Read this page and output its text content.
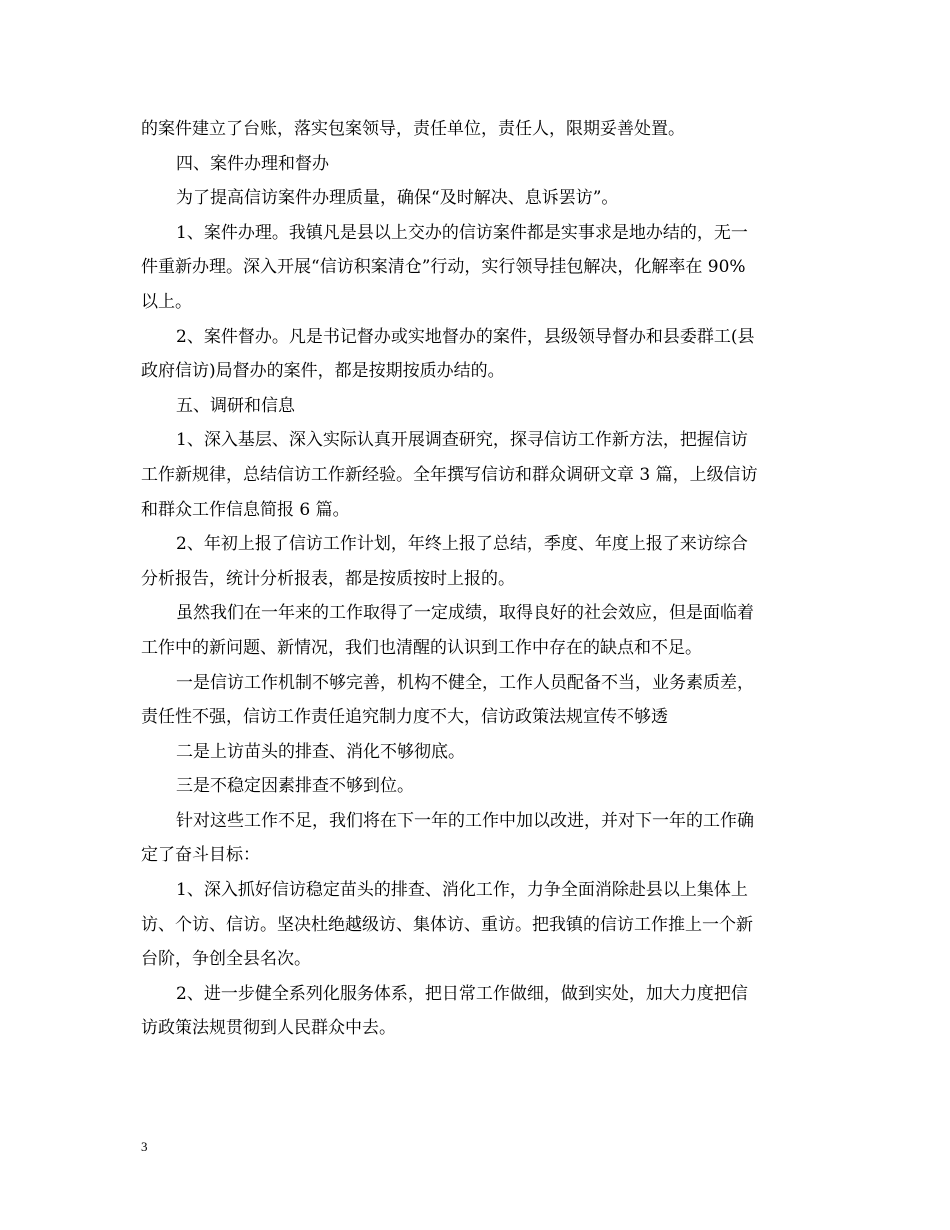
的案件建立了台账，落实包案领导，责任单位，责任人，限期妥善处置。
四、案件办理和督办
为了提高信访案件办理质量，确保“及时解决、息诉罢访”。
1、案件办理。我镇凡是县以上交办的信访案件都是实事求是地办结的，无一
件重新办理。深入开展“信访积案清仓”行动，实行领导挂包解决，化解率在 90%
以上。
2、案件督办。凡是书记督办或实地督办的案件，县级领导督办和县委群工(县
政府信访)局督办的案件，都是按期按质办结的。
五、调研和信息
1、深入基层、深入实际认真开展调查研究，探寻信访工作新方法，把握信访
工作新规律，总结信访工作新经验。全年撰写信访和群众调研文章 3 篇，上级信访
和群众工作信息简报 6 篇。
2、年初上报了信访工作计划，年终上报了总结，季度、年度上报了来访综合
分析报告，统计分析报表，都是按质按时上报的。
虽然我们在一年来的工作取得了一定成绩，取得良好的社会效应，但是面临着
工作中的新问题、新情况，我们也清醒的认识到工作中存在的缺点和不足。
一是信访工作机制不够完善，机构不健全，工作人员配备不当，业务素质差，
责任性不强，信访工作责任追究制力度不大，信访政策法规宣传不够透
二是上访苗头的排查、消化不够彻底。
三是不稳定因素排查不够到位。
针对这些工作不足，我们将在下一年的工作中加以改进，并对下一年的工作确
定了奋斗目标：
1、深入抓好信访稳定苗头的排查、消化工作，力争全面消除赴县以上集体上
访、个访、信访。坚决杜绝越级访、集体访、重访。把我镇的信访工作推上一个新
台阶，争创全县名次。
2、进一步健全系列化服务体系，把日常工作做细，做到实处，加大力度把信
访政策法规贯彻到人民群众中去。
3
